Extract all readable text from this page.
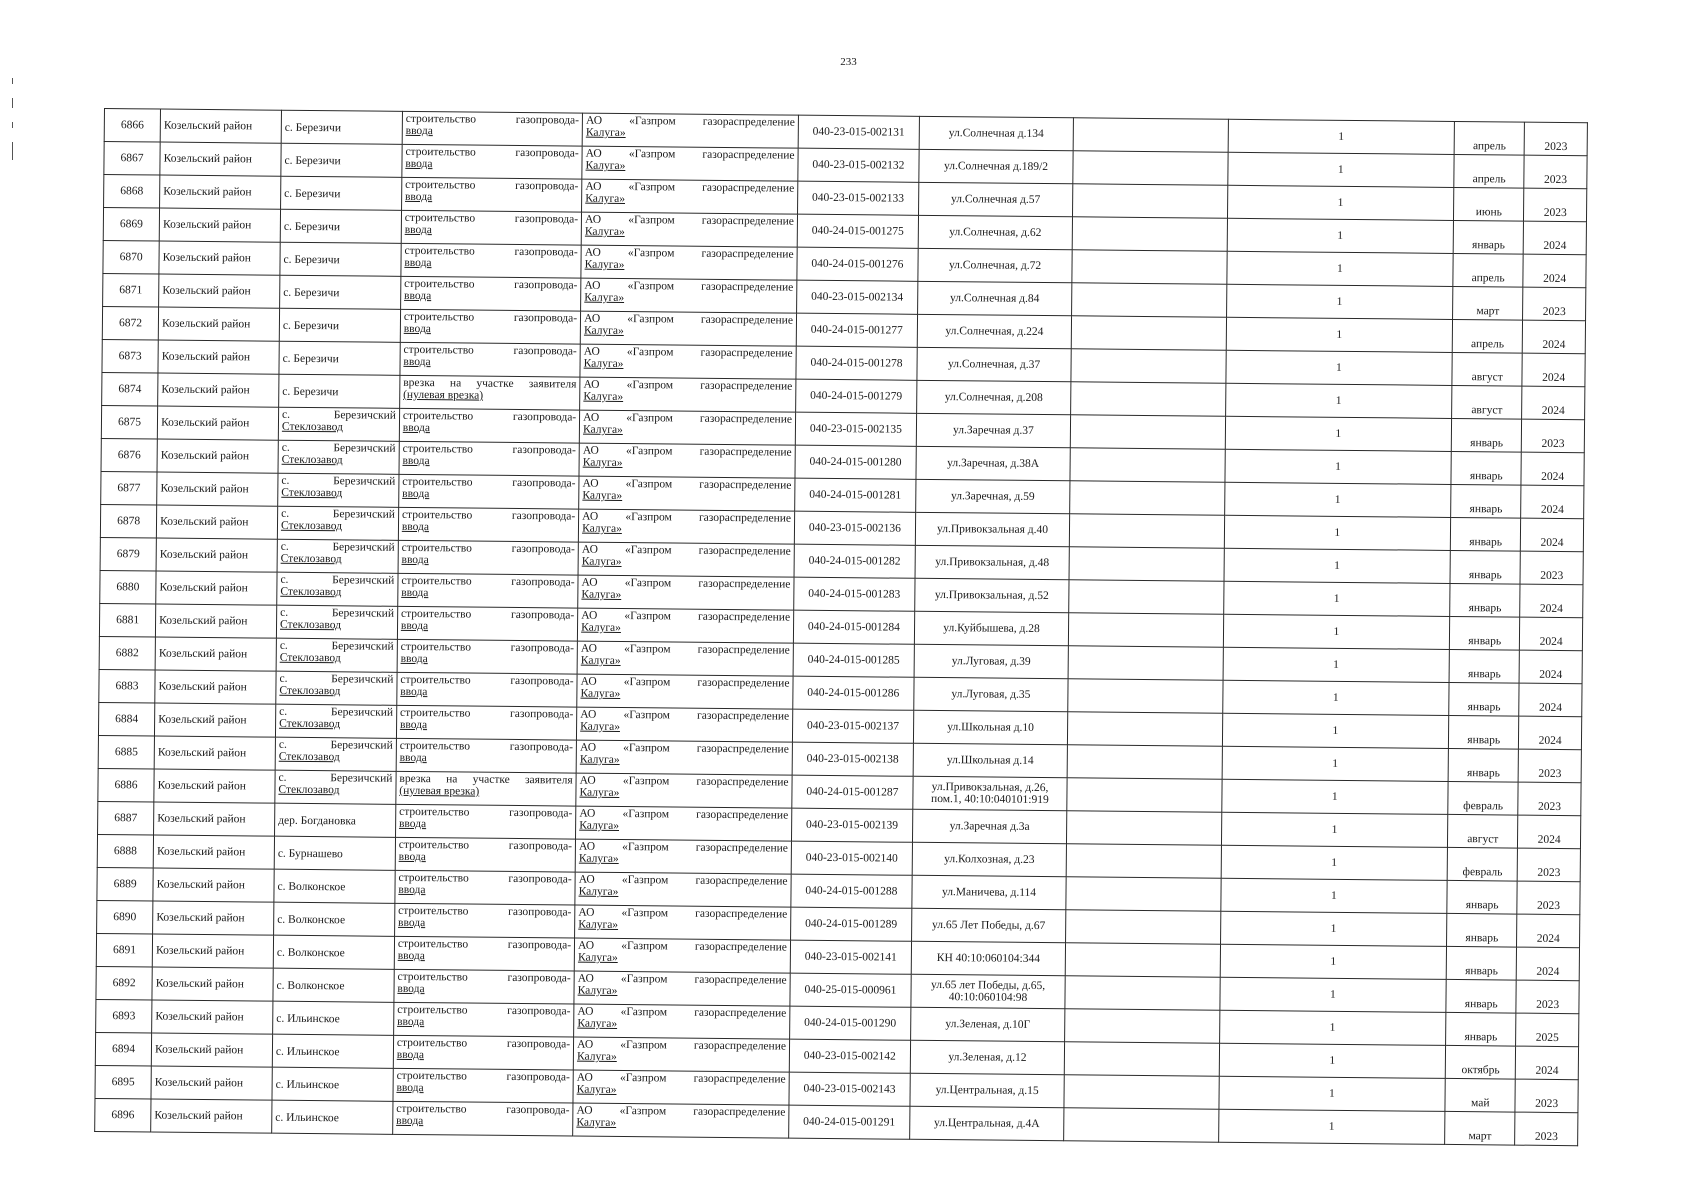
233
6866	Козельский район	с. Березичи	строительство газопровода-
ввода	АО «Газпром газораспределение
Калуга»	040-23-015-002131	ул.Солнечная д.134		1	апрель	2023
6867	Козельский район	с. Березичи	строительство газопровода-
ввода	АО «Газпром газораспределение
Калуга»	040-23-015-002132	ул.Солнечная д.189/2		1	апрель	2023
6868	Козельский район	с. Березичи	строительство газопровода-
ввода	АО «Газпром газораспределение
Калуга»	040-23-015-002133	ул.Солнечная д.57		1	июнь	2023
6869	Козельский район	с. Березичи	строительство газопровода-
ввода	АО «Газпром газораспределение
Калуга»	040-24-015-001275	ул.Солнечная, д.62		1	январь	2024
6870	Козельский район	с. Березичи	строительство газопровода-
ввода	АО «Газпром газораспределение
Калуга»	040-24-015-001276	ул.Солнечная, д.72		1	апрель	2024
6871	Козельский район	с. Березичи	строительство газопровода-
ввода	АО «Газпром газораспределение
Калуга»	040-23-015-002134	ул.Солнечная д.84		1	март	2023
6872	Козельский район	с. Березичи	строительство газопровода-
ввода	АО «Газпром газораспределение
Калуга»	040-24-015-001277	ул.Солнечная, д.224		1	апрель	2024
6873	Козельский район	с. Березичи	строительство газопровода-
ввода	АО «Газпром газораспределение
Калуга»	040-24-015-001278	ул.Солнечная, д.37		1	август	2024
6874	Козельский район	с. Березичи	врезка на участке заявителя
(нулевая врезка)	АО «Газпром газораспределение
Калуга»	040-24-015-001279	ул.Солнечная, д.208		1	август	2024
6875	Козельский район	с. Березичский
Стеклозавод	строительство газопровода-
ввода	АО «Газпром газораспределение
Калуга»	040-23-015-002135	ул.Заречная д.37		1	январь	2023
6876	Козельский район	с. Березичский
Стеклозавод	строительство газопровода-
ввода	АО «Газпром газораспределение
Калуга»	040-24-015-001280	ул.Заречная, д.38А		1	январь	2024
6877	Козельский район	с. Березичский
Стеклозавод	строительство газопровода-
ввода	АО «Газпром газораспределение
Калуга»	040-24-015-001281	ул.Заречная, д.59		1	январь	2024
6878	Козельский район	с. Березичский
Стеклозавод	строительство газопровода-
ввода	АО «Газпром газораспределение
Калуга»	040-23-015-002136	ул.Привокзальная д.40		1	январь	2024
6879	Козельский район	с. Березичский
Стеклозавод	строительство газопровода-
ввода	АО «Газпром газораспределение
Калуга»	040-24-015-001282	ул.Привокзальная, д.48		1	январь	2023
6880	Козельский район	с. Березичский
Стеклозавод	строительство газопровода-
ввода	АО «Газпром газораспределение
Калуга»	040-24-015-001283	ул.Привокзальная, д.52		1	январь	2024
6881	Козельский район	с. Березичский
Стеклозавод	строительство газопровода-
ввода	АО «Газпром газораспределение
Калуга»	040-24-015-001284	ул.Куйбышева, д.28		1	январь	2024
6882	Козельский район	с. Березичский
Стеклозавод	строительство газопровода-
ввода	АО «Газпром газораспределение
Калуга»	040-24-015-001285	ул.Луговая, д.39		1	январь	2024
6883	Козельский район	с. Березичский
Стеклозавод	строительство газопровода-
ввода	АО «Газпром газораспределение
Калуга»	040-24-015-001286	ул.Луговая, д.35		1	январь	2024
6884	Козельский район	с. Березичский
Стеклозавод	строительство газопровода-
ввода	АО «Газпром газораспределение
Калуга»	040-23-015-002137	ул.Школьная д.10		1	январь	2024
6885	Козельский район	с. Березичский
Стеклозавод	строительство газопровода-
ввода	АО «Газпром газораспределение
Калуга»	040-23-015-002138	ул.Школьная д.14		1	январь	2023
6886	Козельский район	с. Березичский
Стеклозавод	врезка на участке заявителя
(нулевая врезка)	АО «Газпром газораспределение
Калуга»	040-24-015-001287	ул.Привокзальная, д.26, пом.1, 40:10:040101:919		1	февраль	2023
6887	Козельский район	дер. Богдановка	строительство газопровода-
ввода	АО «Газпром газораспределение
Калуга»	040-23-015-002139	ул.Заречная д.3а		1	август	2024
6888	Козельский район	с. Бурнашево	строительство газопровода-
ввода	АО «Газпром газораспределение
Калуга»	040-23-015-002140	ул.Колхозная, д.23		1	февраль	2023
6889	Козельский район	с. Волконское	строительство газопровода-
ввода	АО «Газпром газораспределение
Калуга»	040-24-015-001288	ул.Маничева, д.114		1	январь	2023
6890	Козельский район	с. Волконское	строительство газопровода-
ввода	АО «Газпром газораспределение
Калуга»	040-24-015-001289	ул.65 Лет Победы, д.67		1	январь	2024
6891	Козельский район	с. Волконское	строительство газопровода-
ввода	АО «Газпром газораспределение
Калуга»	040-23-015-002141	КН 40:10:060104:344		1	январь	2024
6892	Козельский район	с. Волконское	строительство газопровода-
ввода	АО «Газпром газораспределение
Калуга»	040-25-015-000961	ул.65 лет Победы, д.65, 40:10:060104:98		1	январь	2023
6893	Козельский район	с. Ильинское	строительство газопровода-
ввода	АО «Газпром газораспределение
Калуга»	040-24-015-001290	ул.Зеленая, д.10Г		1	январь	2025
6894	Козельский район	с. Ильинское	строительство газопровода-
ввода	АО «Газпром газораспределение
Калуга»	040-23-015-002142	ул.Зеленая, д.12		1	октябрь	2024
6895	Козельский район	с. Ильинское	строительство газопровода-
ввода	АО «Газпром газораспределение
Калуга»	040-23-015-002143	ул.Центральная, д.15		1	май	2023
6896	Козельский район	с. Ильинское	строительство газопровода-
ввода	АО «Газпром газораспределение
Калуга»	040-24-015-001291	ул.Центральная, д.4А		1	март	2023
